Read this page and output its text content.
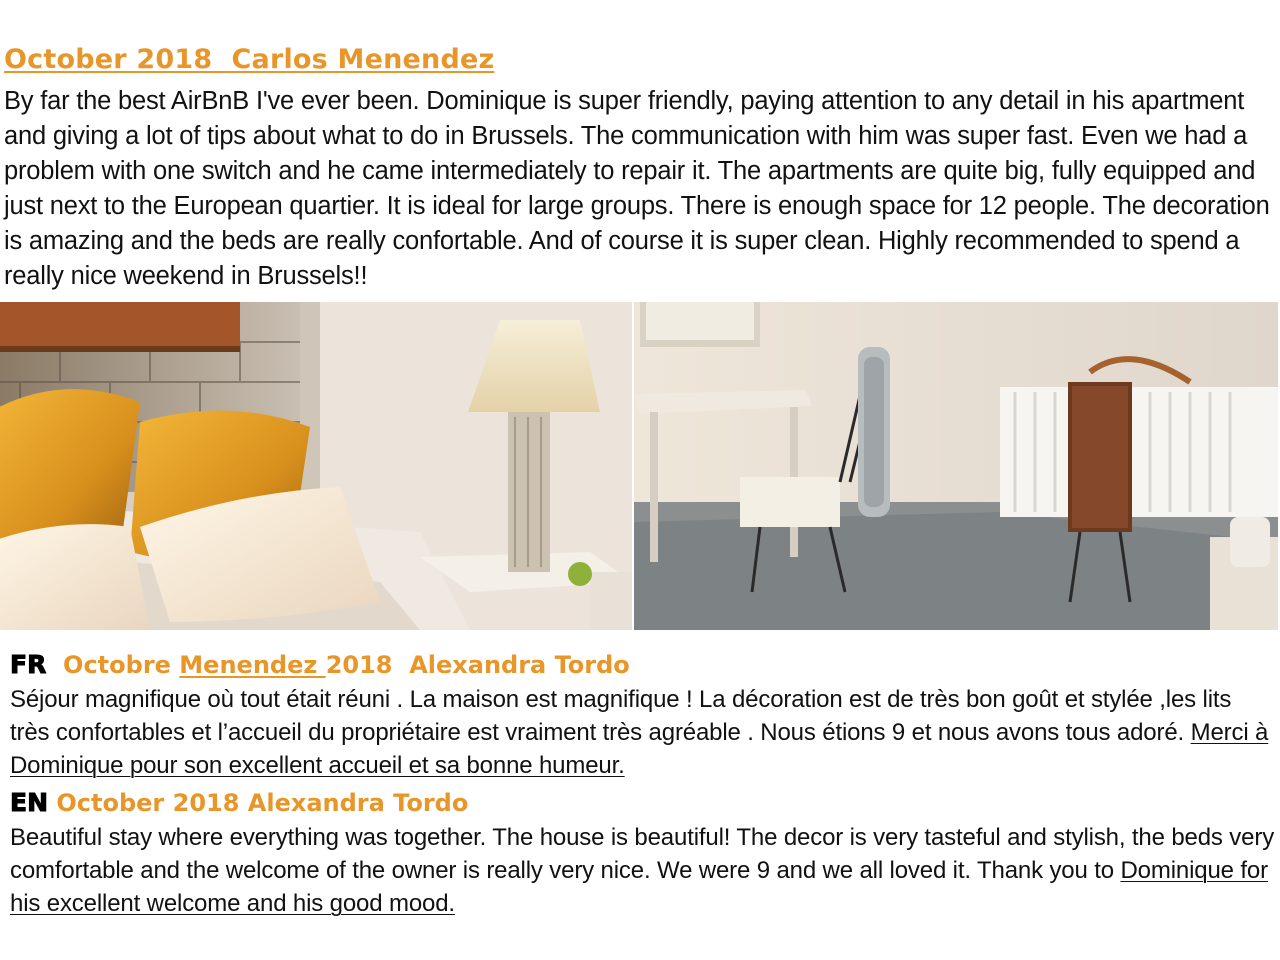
October 2018  Carlos Menendez

By far the best AirBnB I've ever been. Dominique is super friendly, paying attention to any detail in his apartment and giving a lot of tips about what to do in Brussels. The communication with him was super fast. Even we had a problem with one switch and he came intermediately to repair it. The apartments are quite big, fully equipped and just next to the European quartier. It is ideal for large groups. There is enough space for 12 people. The decoration is amazing and the beds are really confortable. And of course it is super clean. Highly recommended to spend a really nice weekend in Brussels!!

FR Octobre Menendez 2018  Alexandra Tordo

Séjour magnifique où tout était réuni . La maison est magnifique ! La décoration est de très bon goût et stylée ,les lits très confortables et l’accueil du propriétaire est vraiment très agréable . Nous étions 9 et nous avons tous adoré. Merci à Dominique pour son excellent accueil et sa bonne humeur.

EN October 2018 Alexandra Tordo

Beautiful stay where everything was together. The house is beautiful! The decor is very tasteful and stylish, the beds very comfortable and the welcome of the owner is really very nice. We were 9 and we all loved it. Thank you to Dominique for his excellent welcome and his good mood.
